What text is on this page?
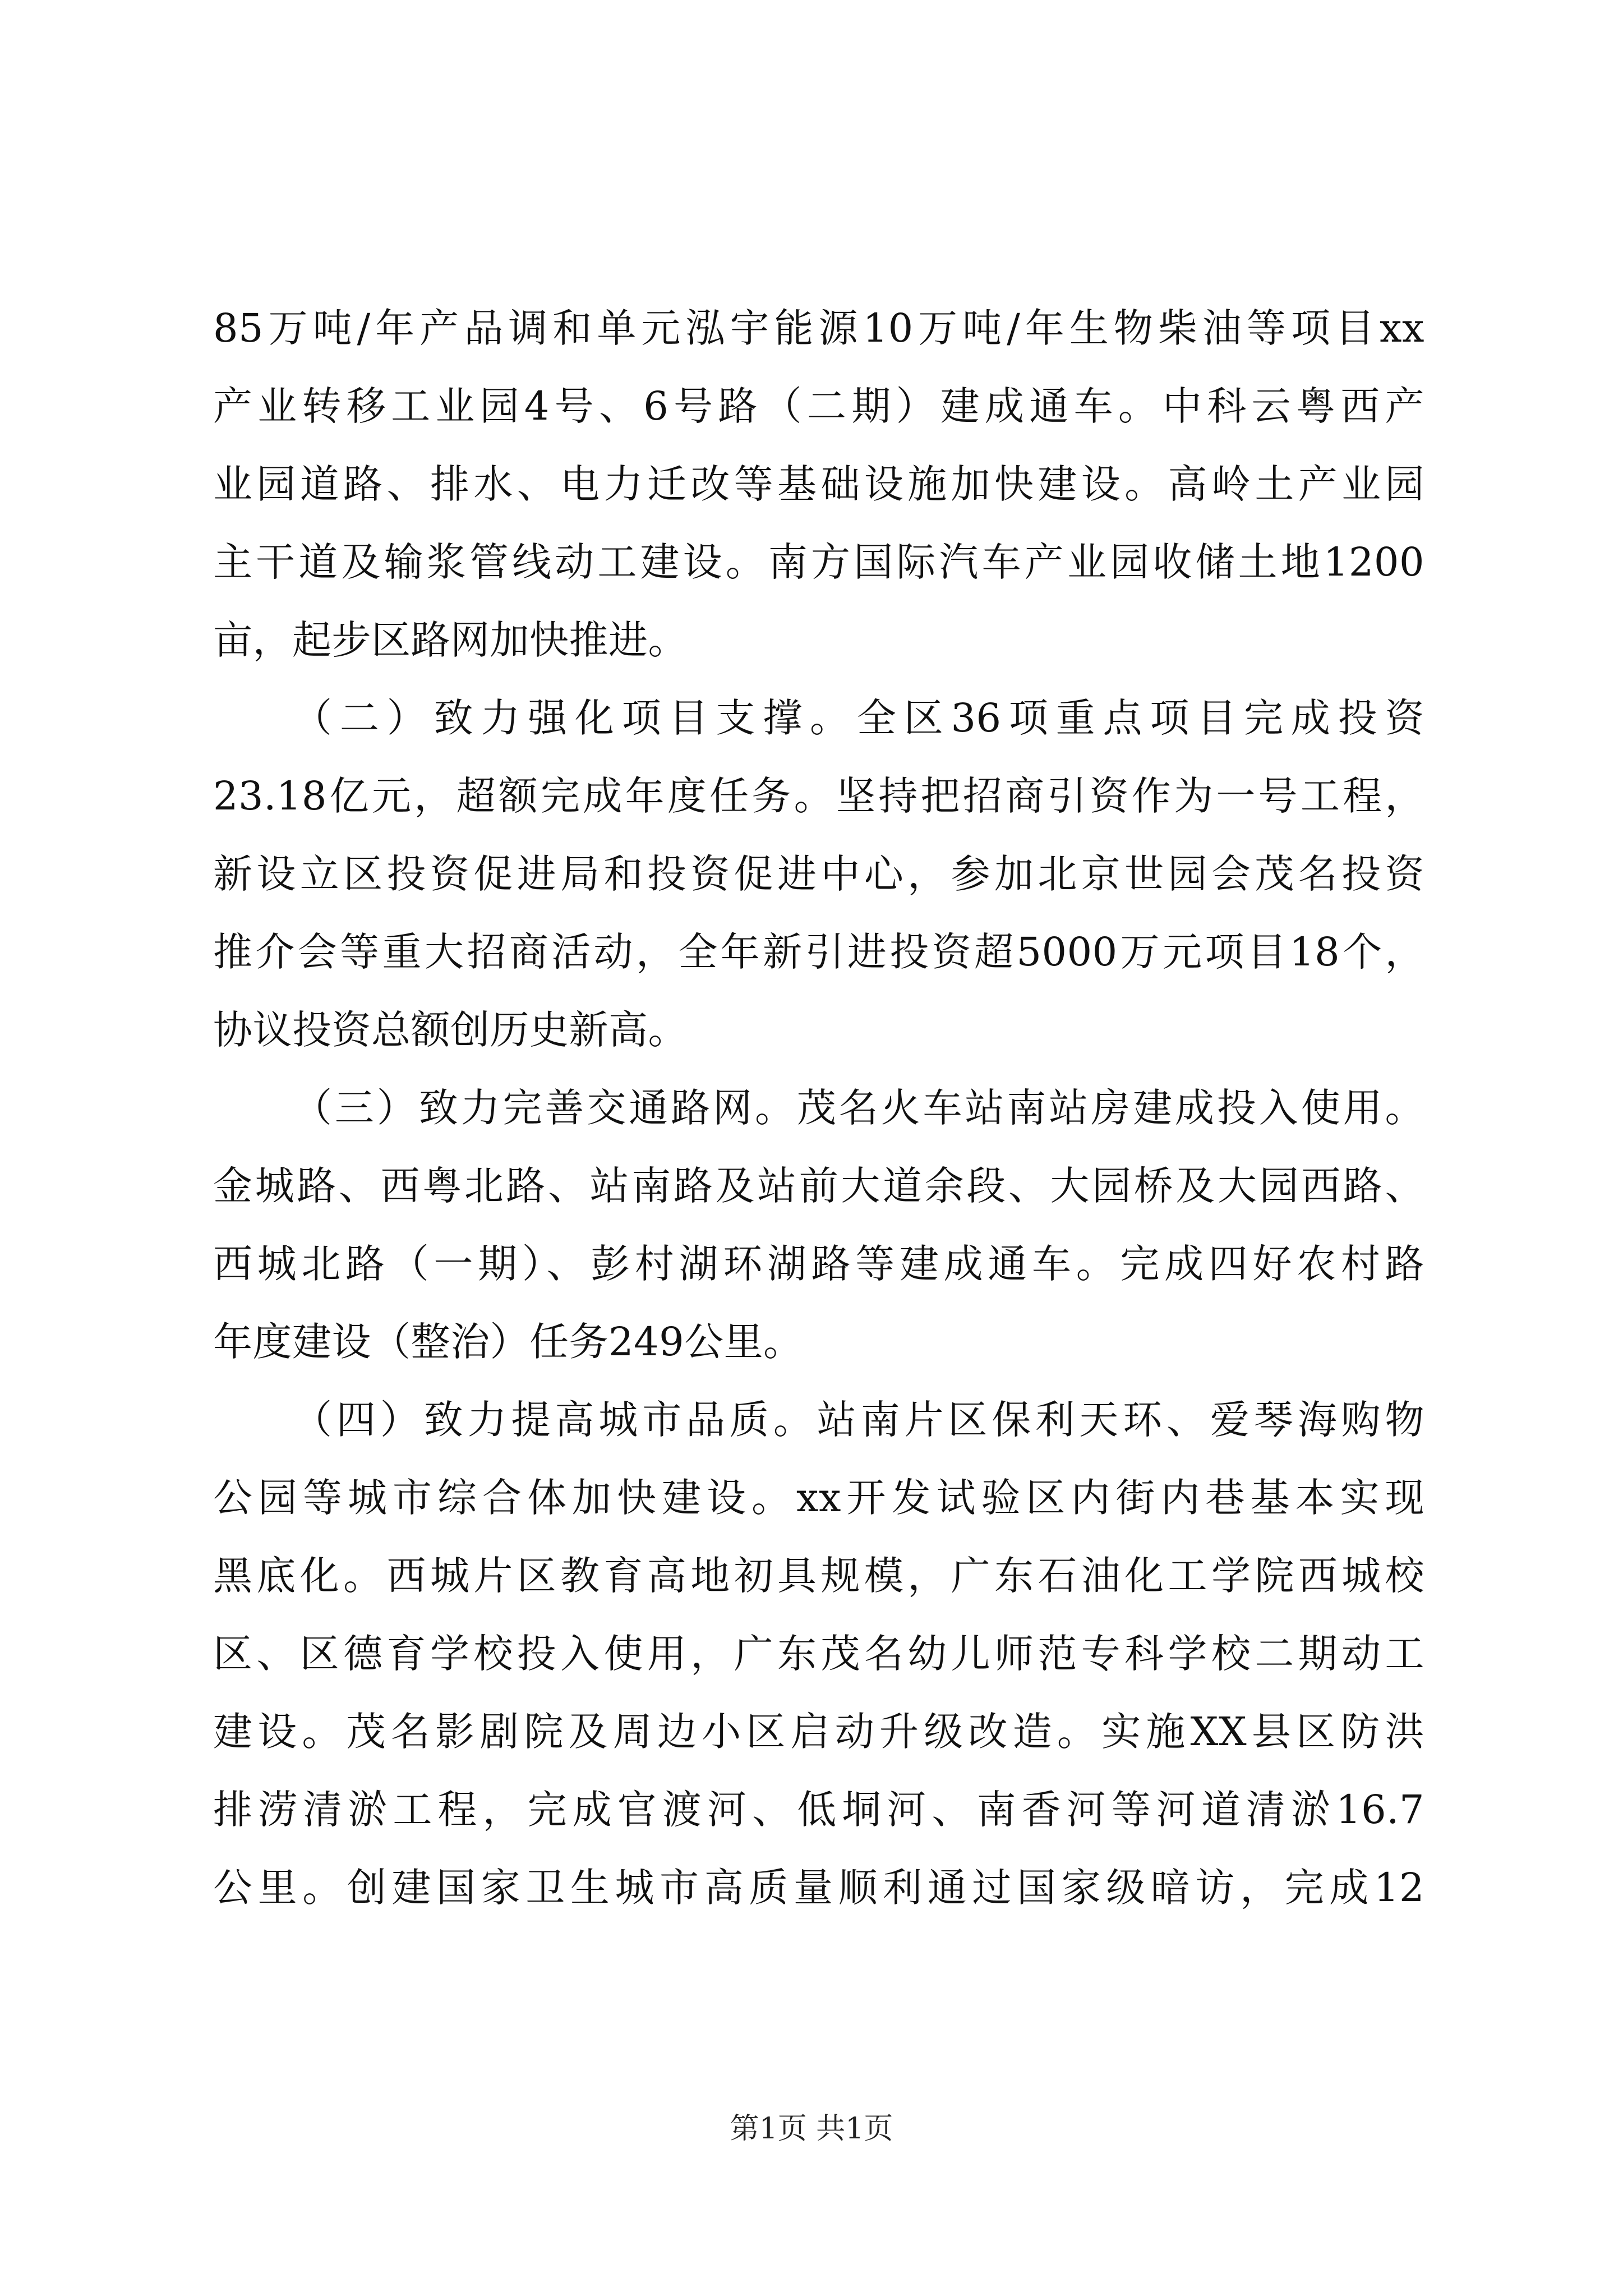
85万吨/年产品调和单元泓宇能源10万吨/年生物柴油等项目xx
产业转移工业园4号、6号路（二期）建成通车。中科云粤西产
业园道路、排水、电力迁改等基础设施加快建设。高岭土产业园
主干道及输浆管线动工建设。南方国际汽车产业园收储土地1200
亩，起步区路网加快推进。
（二）致力强化项目支撑。全区36项重点项目完成投资
23.18亿元，超额完成年度任务。坚持把招商引资作为一号工程，
新设立区投资促进局和投资促进中心，参加北京世园会茂名投资
推介会等重大招商活动，全年新引进投资超5000万元项目18个，
协议投资总额创历史新高。
（三）致力完善交通路网。茂名火车站南站房建成投入使用。
金城路、西粤北路、站南路及站前大道余段、大园桥及大园西路、
西城北路（一期）、彭村湖环湖路等建成通车。完成四好农村路
年度建设（整治）任务249公里。
（四）致力提高城市品质。站南片区保利天环、爱琴海购物
公园等城市综合体加快建设。xx开发试验区内街内巷基本实现
黑底化。西城片区教育高地初具规模，广东石油化工学院西城校
区、区德育学校投入使用，广东茂名幼儿师范专科学校二期动工
建设。茂名影剧院及周边小区启动升级改造。实施XX县区防洪
排涝清淤工程，完成官渡河、低垌河、南香河等河道清淤16.7
公里。创建国家卫生城市高质量顺利通过国家级暗访，完成12
第1页 共1页
